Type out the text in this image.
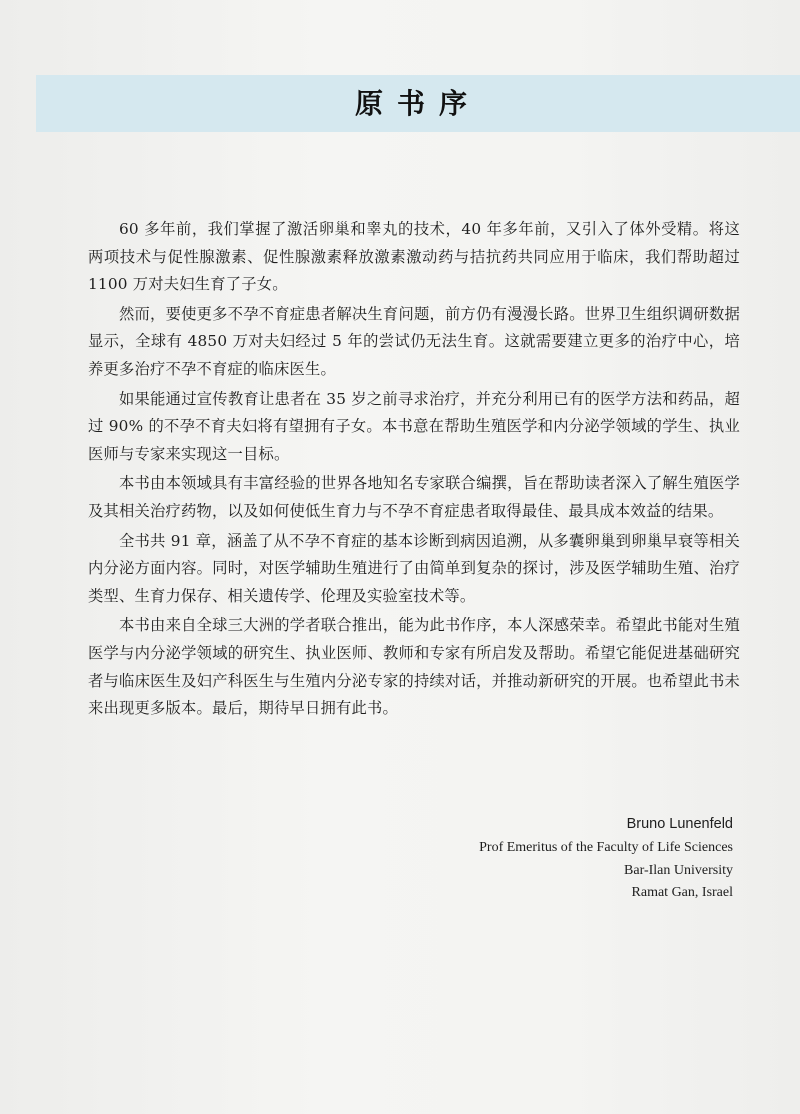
原书序

60 多年前，我们掌握了激活卵巢和睾丸的技术，40 年多年前，又引入了体外受精。将这两项技术与促性腺激素、促性腺激素释放激素激动药与拮抗药共同应用于临床，我们帮助超过 1100 万对夫妇生育了子女。

然而，要使更多不孕不育症患者解决生育问题，前方仍有漫漫长路。世界卫生组织调研数据显示，全球有 4850 万对夫妇经过 5 年的尝试仍无法生育。这就需要建立更多的治疗中心，培养更多治疗不孕不育症的临床医生。

如果能通过宣传教育让患者在 35 岁之前寻求治疗，并充分利用已有的医学方法和药品，超过 90% 的不孕不育夫妇将有望拥有子女。本书意在帮助生殖医学和内分泌学领域的学生、执业医师与专家来实现这一目标。

本书由本领域具有丰富经验的世界各地知名专家联合编撰，旨在帮助读者深入了解生殖医学及其相关治疗药物，以及如何使低生育力与不孕不育症患者取得最佳、最具成本效益的结果。

全书共 91 章，涵盖了从不孕不育症的基本诊断到病因追溯，从多囊卵巢到卵巢早衰等相关内分泌方面内容。同时，对医学辅助生殖进行了由简单到复杂的探讨，涉及医学辅助生殖、治疗类型、生育力保存、相关遗传学、伦理及实验室技术等。

本书由来自全球三大洲的学者联合推出，能为此书作序，本人深感荣幸。希望此书能对生殖医学与内分泌学领域的研究生、执业医师、教师和专家有所启发及帮助。希望它能促进基础研究者与临床医生及妇产科医生与生殖内分泌专家的持续对话，并推动新研究的开展。也希望此书未来出现更多版本。最后，期待早日拥有此书。

Bruno Lunenfeld
Prof Emeritus of the Faculty of Life Sciences
Bar-Ilan University
Ramat Gan, Israel
